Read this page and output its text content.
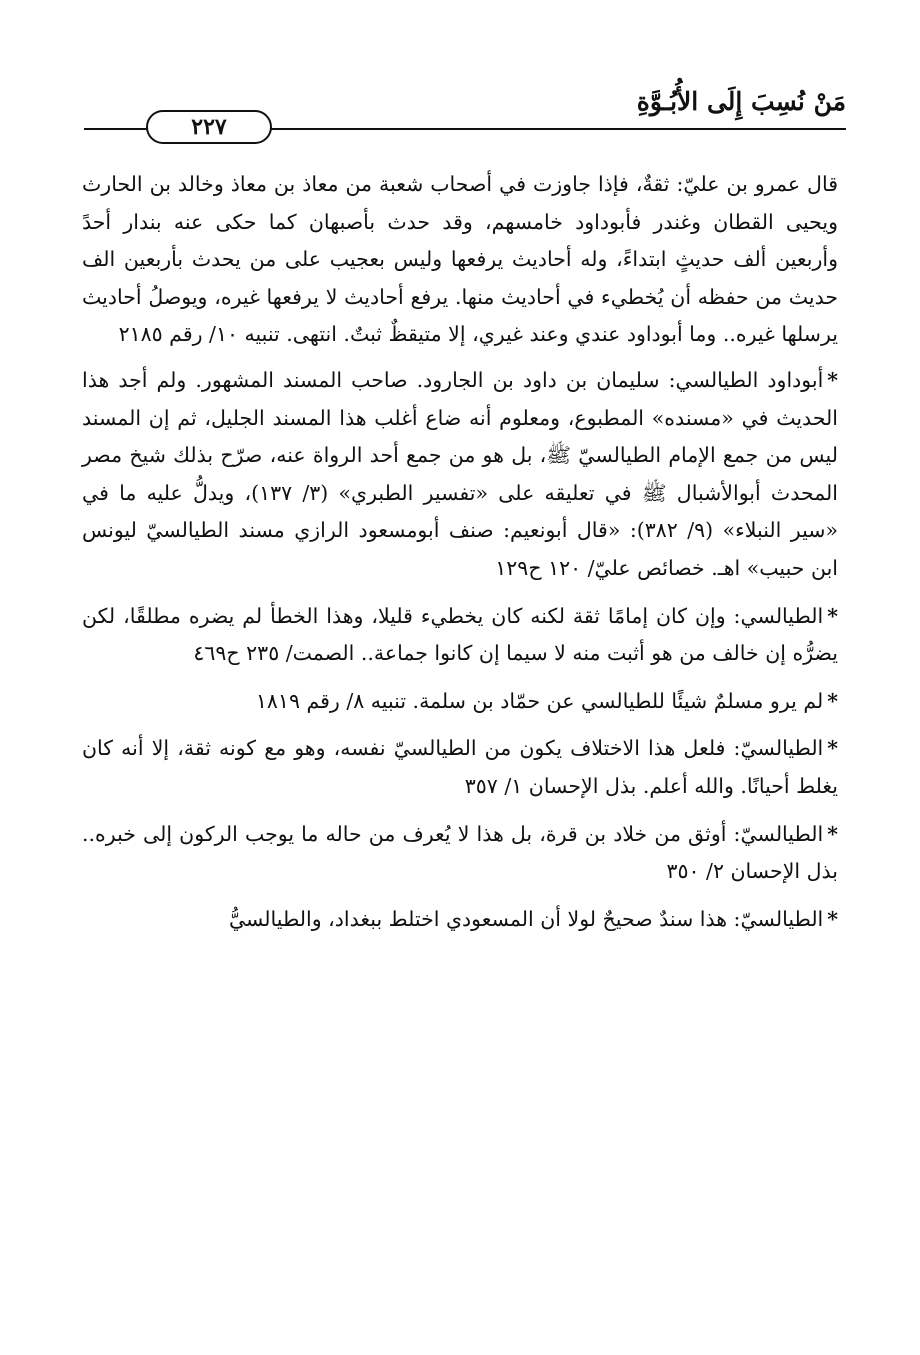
مَنْ نُسِبَ إِلَى الأُبُـوَّةِ
٢٢٧

قال عمرو بن عليّ: ثقةٌ، فإذا جاوزت في أصحاب شعبة من معاذ بن معاذ وخالد بن الحارث ويحيى القطان وغندر فأبوداود خامسهم، وقد حدث بأصبهان كما حكى عنه بندار أحدً وأربعين ألف حديثٍ ابتداءً، وله أحاديث يرفعها وليس بعجيب على من يحدث بأربعين الف حديث من حفظه أن يُخطيء في أحاديث منها. يرفع أحاديث لا يرفعها غيره، ويوصلُ أحاديث يرسلها غيره.. وما أبوداود عندي وعند غيري، إلا متيقظٌ ثبتٌ. انتهى. تنبيه ١٠/ رقم ٢١٨٥

*أبوداود الطيالسي: سليمان بن داود بن الجارود. صاحب المسند المشهور. ولم أجد هذا الحديث في «مسنده» المطبوع، ومعلوم أنه ضاع أغلب هذا المسند الجليل، ثم إن المسند ليس من جمع الإمام الطيالسيّ ﷺ، بل هو من جمع أحد الرواة عنه، صرّح بذلك شيخ مصر المحدث أبوالأشبال ﷺ في تعليقه على «تفسير الطبري» (٣/ ١٣٧)، ويدلُّ عليه ما في «سير النبلاء» (٩/ ٣٨٢): «قال أبونعيم: صنف أبومسعود الرازي مسند الطيالسيّ ليونس ابن حبيب» اهـ. خصائص عليّ/ ١٢٠ ح١٢٩

*الطيالسي: وإن كان إمامًا ثقة لكنه كان يخطيء قليلا، وهذا الخطأ لم يضره مطلقًا، لكن يضرُّه إن خالف من هو أثبت منه لا سيما إن كانوا جماعة.. الصمت/ ٢٣٥ ح٤٦٩

*لم يرو مسلمٌ شيئًا للطيالسي عن حمّاد بن سلمة. تنبيه ٨/ رقم ١٨١٩

*الطيالسيّ: فلعل هذا الاختلاف يكون من الطيالسيّ نفسه، وهو مع كونه ثقة، إلا أنه كان يغلط أحيانًا. والله أعلم. بذل الإحسان ١/ ٣٥٧

*الطيالسيّ: أوثق من خلاد بن قرة، بل هذا لا يُعرف من حاله ما يوجب الركون إلى خبره.. بذل الإحسان ٢/ ٣٥٠

*الطيالسيّ: هذا سندٌ صحيحٌ لولا أن المسعودي اختلط ببغداد، والطيالسيُّ
